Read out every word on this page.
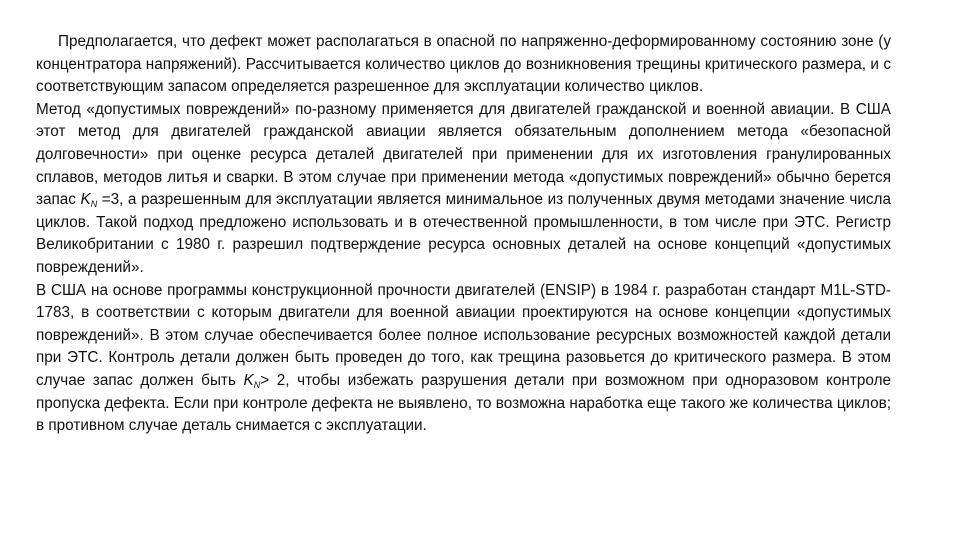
Предполагается, что дефект может располагаться в опасной по напряженно-деформированному состоянию зоне (у концентратора напряжений). Рассчитывается количество циклов до возникновения трещины критического размера, и с соответствующим запасом определяется разрешенное для эксплуатации количество циклов.

Метод «допустимых повреждений» по-разному применяется для двигателей гражданской и военной авиации. В США этот метод для двигателей гражданской авиации является обязательным дополнением метода «безопасной долговечности» при оценке ресурса деталей двигателей при применении для их изготовления гранулированных сплавов, методов литья и сварки. В этом случае при применении метода «допустимых повреждений» обычно берется запас $K_N =3$, а разрешенным для эксплуатации является минимальное из полученных двумя методами значение числа циклов. Такой подход предложено использовать и в отечественной промышленности, в том числе при ЭТС. Регистр Великобритании с 1980 г. разрешил подтверждение ресурса основных деталей на основе концепций «допустимых повреждений».

В США на основе программы конструкционной прочности двигателей (ENSIP) в 1984 г. разработан стандарт M1L-STD-1783, в соответствии с которым двигатели для военной авиации проектируются на основе концепции «допустимых повреждений». В этом случае обеспечивается более полное использование ресурсных возможностей каждой детали при ЭТС. Контроль детали должен быть проведен до того, как трещина разовьется до критического размера. В этом случае запас должен быть $K_N> 2$, чтобы избежать разрушения детали при возможном при одноразовом контроле пропуска дефекта. Если при контроле дефекта не выявлено, то возможна наработка еще такого же количества циклов; в противном случае деталь снимается с эксплуатации.
